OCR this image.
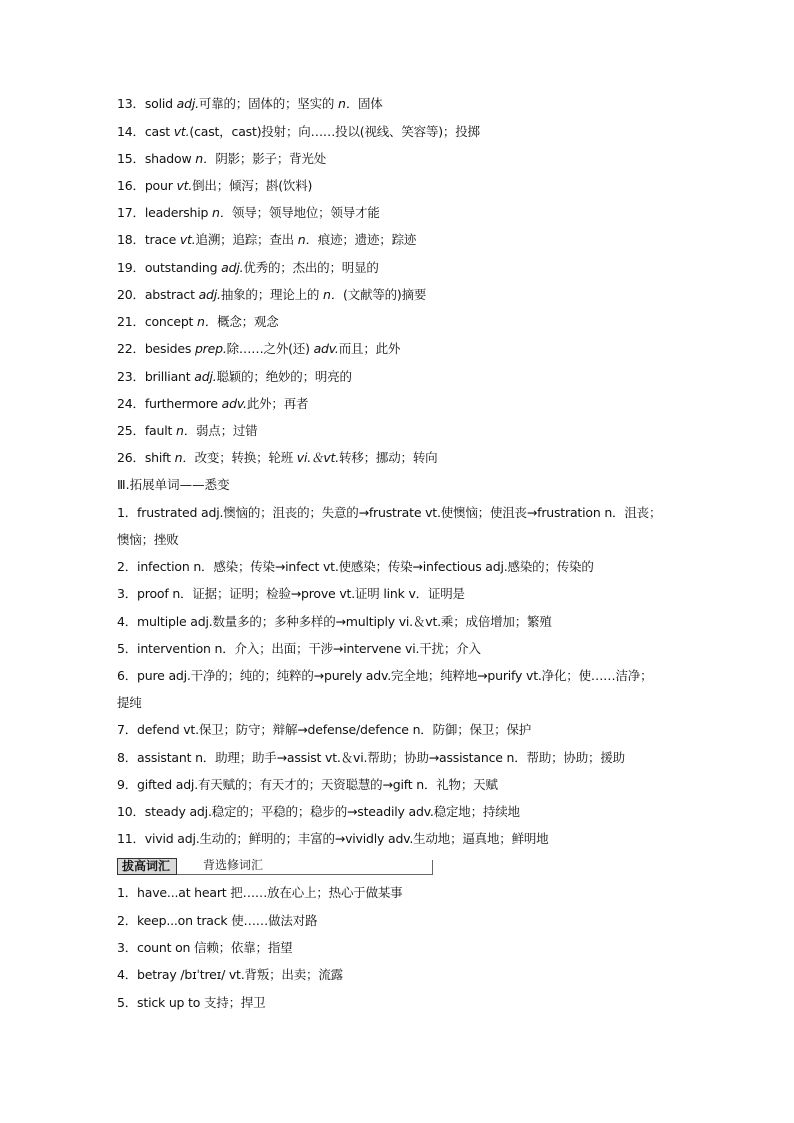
13．solid adj.可靠的；固体的；坚实的 n．固体
14．cast vt.(cast，cast)投射；向……投以(视线、笑容等)；投掷
15．shadow n．阴影；影子；背光处
16．pour vt.倒出；倾泻；斟(饮料)
17．leadership n．领导；领导地位；领导才能
18．trace vt.追溯；追踪；查出 n．痕迹；遗迹；踪迹
19．outstanding adj.优秀的；杰出的；明显的
20．abstract adj.抽象的；理论上的 n．(文献等的)摘要
21．concept n．概念；观念
22．besides prep.除……之外(还) adv.而且；此外
23．brilliant adj.聪颖的；绝妙的；明亮的
24．furthermore adv.此外；再者
25．fault n．弱点；过错
26．shift n．改变；转换；轮班 vi.＆vt.转移；挪动；转向
Ⅲ.拓展单词——悉变
1．frustrated adj.懊恼的；沮丧的；失意的→frustrate vt.使懊恼；使沮丧→frustration n．沮丧；
懊恼；挫败
2．infection n．感染；传染→infect vt.使感染；传染→infectious adj.感染的；传染的
3．proof n．证据；证明；检验→prove vt.证明 link v．证明是
4．multiple adj.数量多的；多种多样的→multiply vi.＆vt.乘；成倍增加；繁殖
5．intervention n．介入；出面；干涉→intervene vi.干扰；介入
6．pure adj.干净的；纯的；纯粹的→purely adv.完全地；纯粹地→purify vt.净化；使……洁净；
提纯
7．defend vt.保卫；防守；辩解→defense/defence n．防御；保卫；保护
8．assistant n．助理；助手→assist vt.＆vi.帮助；协助→assistance n．帮助；协助；援助
9．gifted adj.有天赋的；有天才的；天资聪慧的→gift n．礼物；天赋
10．steady adj.稳定的；平稳的；稳步的→steadily adv.稳定地；持续地
11．vivid adj.生动的；鲜明的；丰富的→vividly adv.生动地；逼真地；鲜明地
拔高词汇	背选修词汇
1．have...at heart 把……放在心上；热心于做某事
2．keep...on track 使……做法对路
3．count on 信赖；依靠；指望
4．betray /bɪˈtreɪ/ vt.背叛；出卖；流露
5．stick up to 支持；捍卫
